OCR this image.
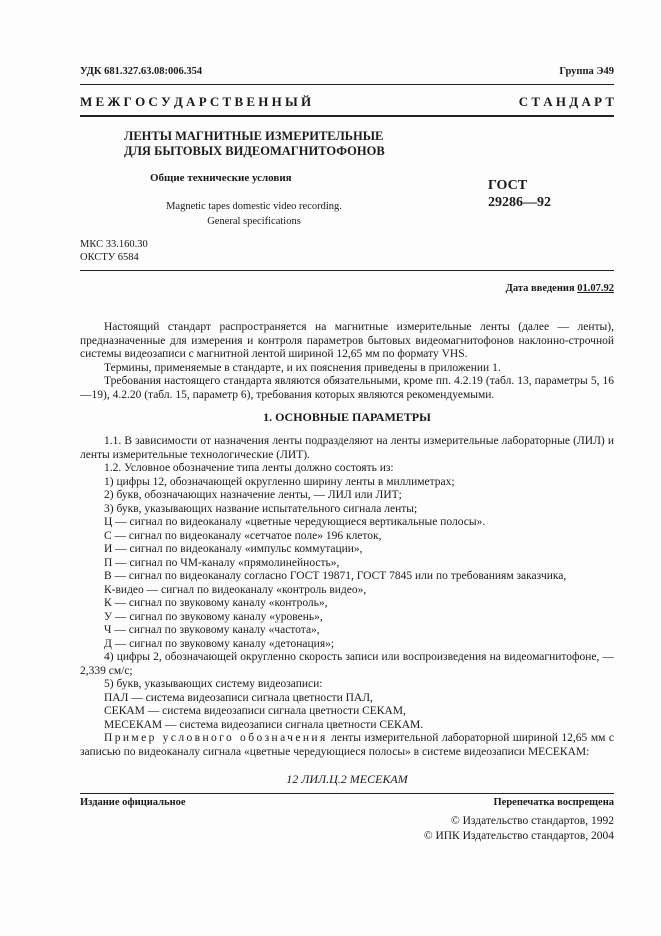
УДК 681.327.63.08:006.354	Группа Э49
М Е Ж Г О С У Д А Р С Т В Е Н Н Ы Й	С Т А Н Д А Р Т
ЛЕНТЫ МАГНИТНЫЕ ИЗМЕРИТЕЛЬНЫЕ
ДЛЯ БЫТОВЫХ ВИДЕОМАГНИТОФОНОВ
Общие технические условия
Magnetic tapes domestic video recording.
General specifications
ГОСТ
29286—92
МКС 33.160.30
ОКСТУ 6584
Дата введения 01.07.92
Настоящий стандарт распространяется на магнитные измерительные ленты (далее — ленты), предназначенные для измерения и контроля параметров бытовых видеомагнитофонов наклонно-строчной системы видеозаписи с магнитной лентой шириной 12,65 мм по формату VHS.
Термины, применяемые в стандарте, и их пояснения приведены в приложении 1.
Требования настоящего стандарта являются обязательными, кроме пп. 4.2.19 (табл. 13, параметры 5, 16—19), 4.2.20 (табл. 15, параметр 6), требования которых являются рекомендуемыми.
1. ОСНОВНЫЕ ПАРАМЕТРЫ
1.1. В зависимости от назначения ленты подразделяют на ленты измерительные лабораторные (ЛИЛ) и ленты измерительные технологические (ЛИТ).
1.2. Условное обозначение типа ленты должно состоять из:
1) цифры 12, обозначающей округленно ширину ленты в миллиметрах;
2) букв, обозначающих назначение ленты, — ЛИЛ или ЛИТ;
3) букв, указывающих название испытательного сигнала ленты;
Ц — сигнал по видеоканалу «цветные чередующиеся вертикальные полосы».
С — сигнал по видеоканалу «сетчатое поле» 196 клеток,
И — сигнал по видеоканалу «импульс коммутации»,
П — сигнал по ЧМ-каналу «прямолинейность»,
В — сигнал по видеоканалу согласно ГОСТ 19871, ГОСТ 7845 или по требованиям заказчика,
К-видео — сигнал по видеоканалу «контроль видео»,
К — сигнал по звуковому каналу «контроль»,
У — сигнал по звуковому каналу «уровень»,
Ч — сигнал по звуковому каналу «частота»,
Д — сигнал по звуковому каналу «детонация»;
4) цифры 2, обозначающей округленно скорость записи или воспроизведения на видеомагнитофоне, — 2,339 см/с;
5) букв, указывающих систему видеозаписи:
ПАЛ — система видеозаписи сигнала цветности ПАЛ,
СЕКАМ — система видеозаписи сигнала цветности СЕКАМ,
МЕСЕКАМ — система видеозаписи сигнала цветности СЕКАМ.
Пример условного обозначения ленты измерительной лабораторной шириной 12,65 мм с записью по видеоканалу сигнала «цветные чередующиеся полосы» в системе видеозаписи МЕСЕКАМ:
12 ЛИЛ.Ц.2 МЕСЕКАМ
Издание официальное	Перепечатка воспрещена
© Издательство стандартов, 1992
© ИПК Издательство стандартов, 2004
